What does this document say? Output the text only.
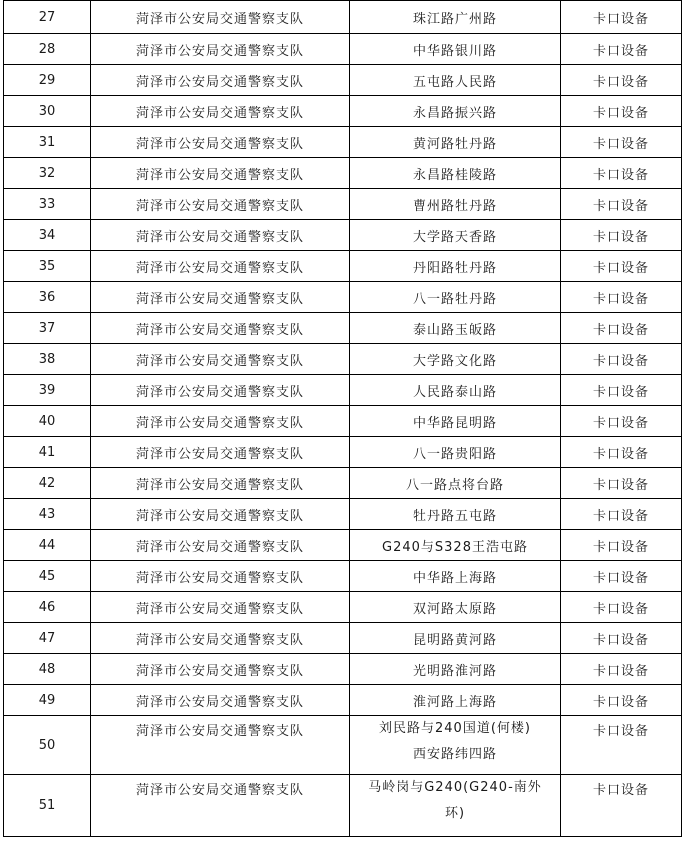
27	菏泽市公安局交通警察支队	珠江路广州路	卡口设备
28	菏泽市公安局交通警察支队	中华路银川路	卡口设备
29	菏泽市公安局交通警察支队	五屯路人民路	卡口设备
30	菏泽市公安局交通警察支队	永昌路振兴路	卡口设备
31	菏泽市公安局交通警察支队	黄河路牡丹路	卡口设备
32	菏泽市公安局交通警察支队	永昌路桂陵路	卡口设备
33	菏泽市公安局交通警察支队	曹州路牡丹路	卡口设备
34	菏泽市公安局交通警察支队	大学路天香路	卡口设备
35	菏泽市公安局交通警察支队	丹阳路牡丹路	卡口设备
36	菏泽市公安局交通警察支队	八一路牡丹路	卡口设备
37	菏泽市公安局交通警察支队	泰山路玉皈路	卡口设备
38	菏泽市公安局交通警察支队	大学路文化路	卡口设备
39	菏泽市公安局交通警察支队	人民路泰山路	卡口设备
40	菏泽市公安局交通警察支队	中华路昆明路	卡口设备
41	菏泽市公安局交通警察支队	八一路贵阳路	卡口设备
42	菏泽市公安局交通警察支队	八一路点将台路	卡口设备
43	菏泽市公安局交通警察支队	牡丹路五屯路	卡口设备
44	菏泽市公安局交通警察支队	G240与S328王浩屯路	卡口设备
45	菏泽市公安局交通警察支队	中华路上海路	卡口设备
46	菏泽市公安局交通警察支队	双河路太原路	卡口设备
47	菏泽市公安局交通警察支队	昆明路黄河路	卡口设备
48	菏泽市公安局交通警察支队	光明路淮河路	卡口设备
49	菏泽市公安局交通警察支队	淮河路上海路	卡口设备
50	菏泽市公安局交通警察支队	刘民路与240国道(何楼)
西安路纬四路	卡口设备

51	菏泽市公安局交通警察支队	马岭岗与G240(G240-南外
环)	卡口设备
